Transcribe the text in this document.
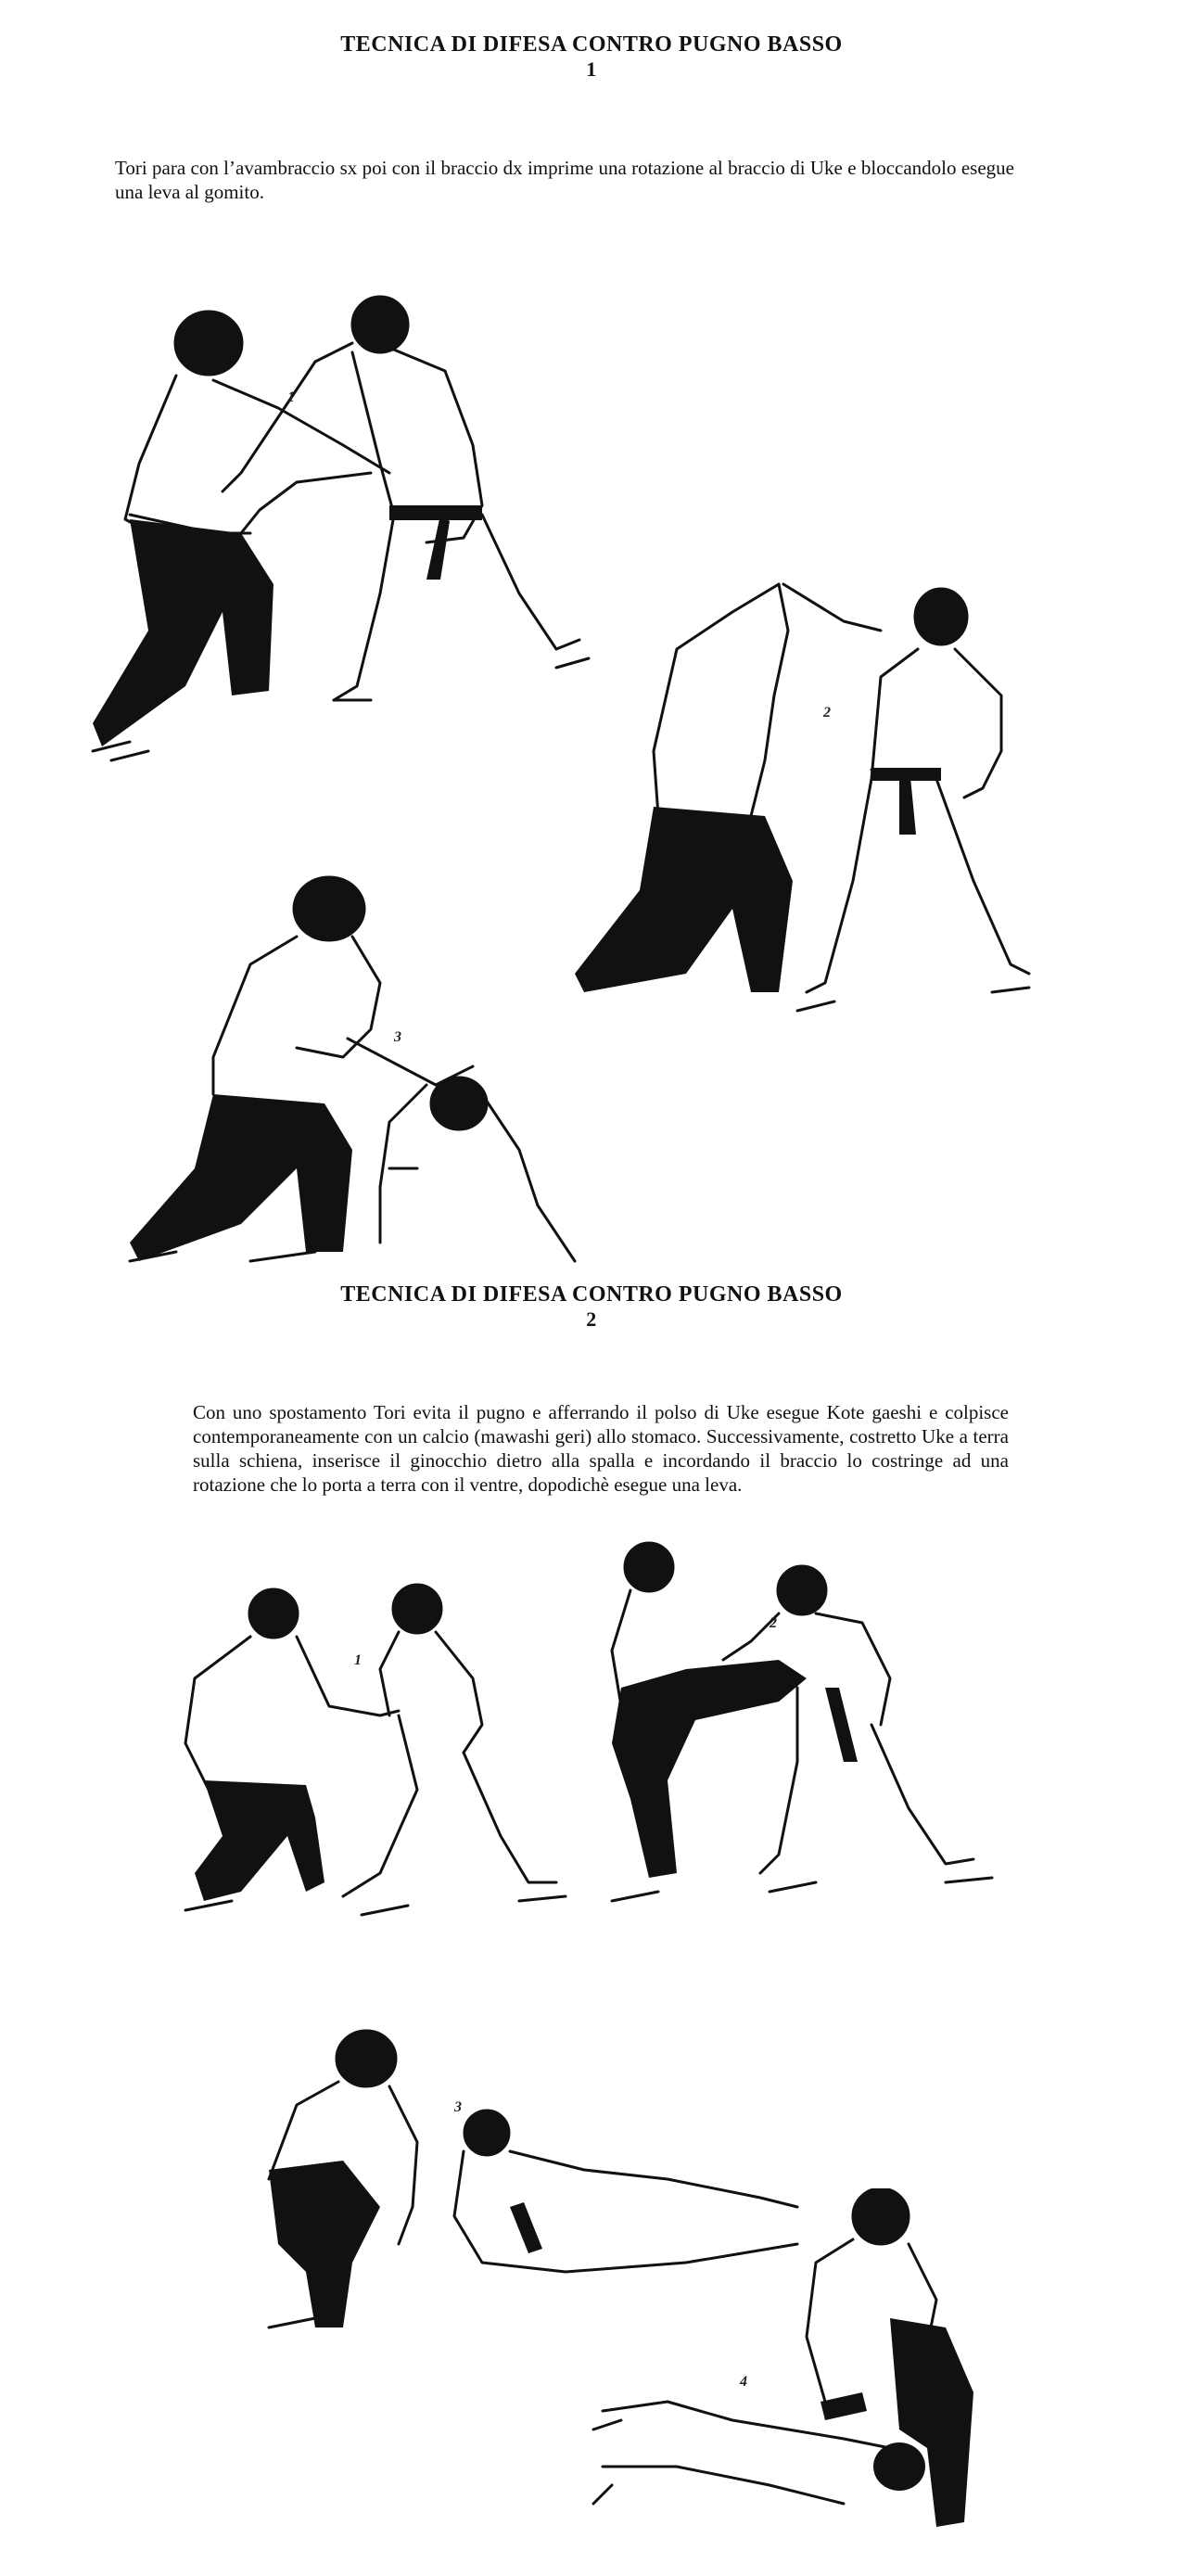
TECNICA DI DIFESA CONTRO PUGNO BASSO
1
Tori para con l’avambraccio sx poi con il braccio dx imprime una rotazione al braccio di Uke e bloccandolo esegue una leva al gomito.
1
2
3
TECNICA DI DIFESA CONTRO PUGNO BASSO
2
Con uno spostamento Tori evita il pugno e afferrando il polso di Uke esegue Kote gaeshi e colpisce contemporaneamente con un calcio (mawashi geri) allo stomaco. Successivamente, costretto Uke a terra sulla schiena, inserisce il ginocchio dietro alla spalla e incordando il braccio lo costringe ad una rotazione che lo porta a terra con il ventre, dopodichè esegue una leva.
1
2
3
4
